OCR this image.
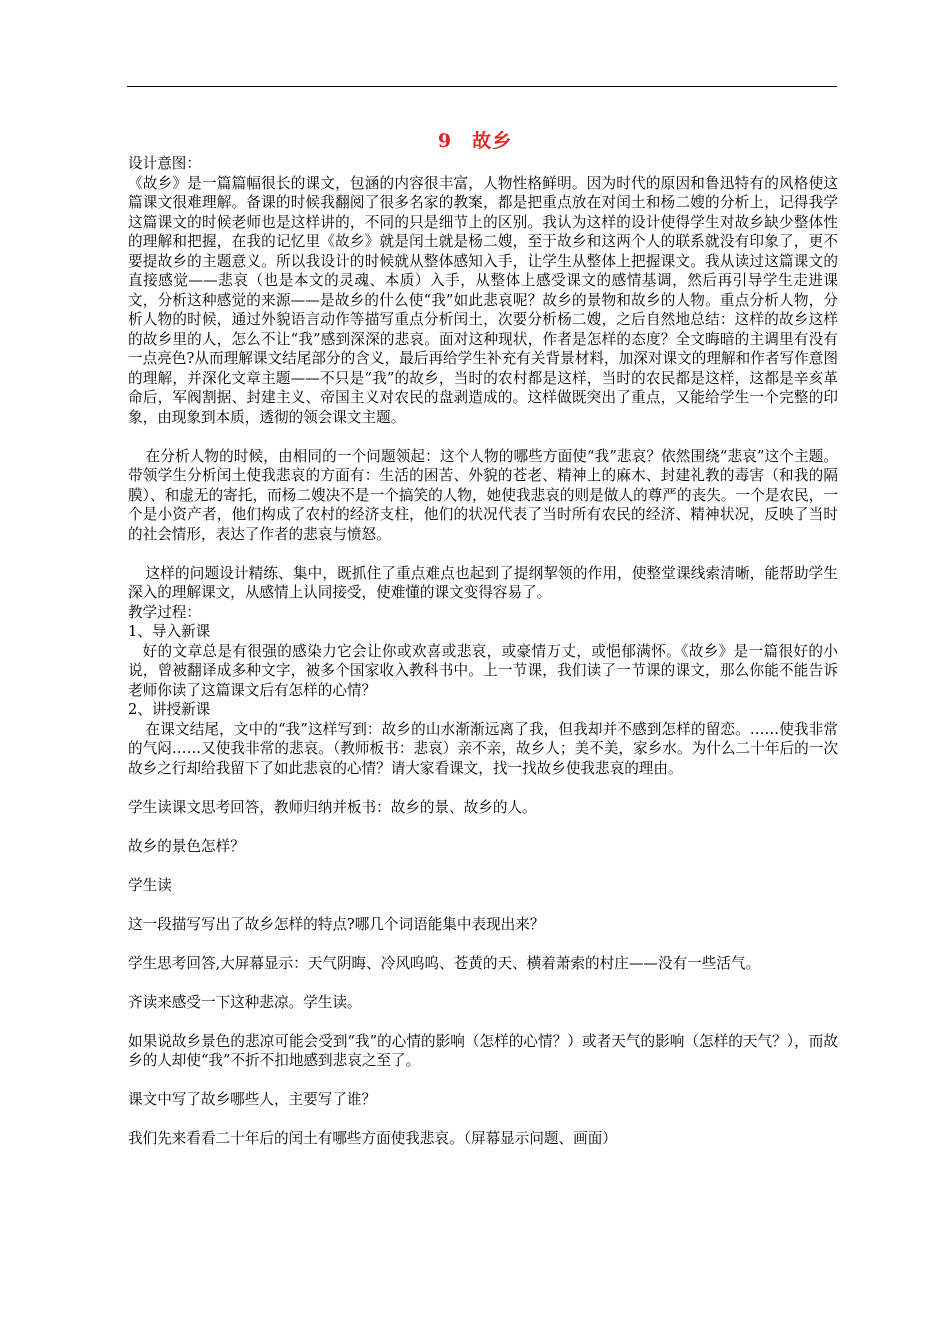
9　故乡

设计意图：

《故乡》是一篇篇幅很长的课文，包涵的内容很丰富，人物性格鲜明。因为时代的原因和鲁迅特有的风格使这篇课文很难理解。备课的时候我翻阅了很多名家的教案，都是把重点放在对闰土和杨二嫂的分析上，记得我学这篇课文的时候老师也是这样讲的，不同的只是细节上的区别。我认为这样的设计使得学生对故乡缺少整体性的理解和把握，在我的记忆里《故乡》就是闰土就是杨二嫂，至于故乡和这两个人的联系就没有印象了，更不要提故乡的主题意义。所以我设计的时候就从整体感知入手，让学生从整体上把握课文。我从读过这篇课文的直接感觉——悲哀（也是本文的灵魂、本质）入手，从整体上感受课文的感情基调，然后再引导学生走进课文，分析这种感觉的来源——是故乡的什么使“我”如此悲哀呢？故乡的景物和故乡的人物。重点分析人物，分析人物的时候，通过外貌语言动作等描写重点分析闰土，次要分析杨二嫂，之后自然地总结：这样的故乡这样的故乡里的人，怎么不让“我”感到深深的悲哀。面对这种现状，作者是怎样的态度？全文晦暗的主调里有没有一点亮色?从而理解课文结尾部分的含义，最后再给学生补充有关背景材料，加深对课文的理解和作者写作意图的理解，并深化文章主题——不只是“我”的故乡，当时的农村都是这样，当时的农民都是这样，这都是辛亥革命后，军阀割据、封建主义、帝国主义对农民的盘剥造成的。这样做既突出了重点，又能给学生一个完整的印象，由现象到本质，透彻的领会课文主题。

在分析人物的时候，由相同的一个问题领起：这个人物的哪些方面使“我”悲哀？依然围绕“悲哀”这个主题。带领学生分析闰土使我悲哀的方面有：生活的困苦、外貌的苍老、精神上的麻木、封建礼教的毒害（和我的隔膜）、和虚无的寄托，而杨二嫂决不是一个搞笑的人物，她使我悲哀的则是做人的尊严的丧失。一个是农民，一个是小资产者，他们构成了农村的经济支柱，他们的状况代表了当时所有农民的经济、精神状况，反映了当时的社会情形，表达了作者的悲哀与愤怒。

这样的问题设计精练、集中，既抓住了重点难点也起到了提纲挈领的作用，使整堂课线索清晰，能帮助学生深入的理解课文，从感情上认同接受，使难懂的课文变得容易了。

教学过程：

1、导入新课

好的文章总是有很强的感染力它会让你或欢喜或悲哀，或豪情万丈，或悒郁满怀。《故乡》是一篇很好的小说，曾被翻译成多种文字，被多个国家收入教科书中。上一节课，我们读了一节课的课文，那么你能不能告诉老师你读了这篇课文后有怎样的心情？

2、讲授新课

在课文结尾，文中的“我”这样写到：故乡的山水渐渐远离了我，但我却并不感到怎样的留恋。……使我非常的气闷……又使我非常的悲哀。（教师板书：悲哀）亲不亲，故乡人；美不美，家乡水。为什么二十年后的一次故乡之行却给我留下了如此悲哀的心情？请大家看课文，找一找故乡使我悲哀的理由。

学生读课文思考回答，教师归纳并板书：故乡的景、故乡的人。

故乡的景色怎样？

学生读

这一段描写写出了故乡怎样的特点?哪几个词语能集中表现出来？

学生思考回答,大屏幕显示：天气阴晦、冷风呜呜、苍黄的天、横着萧索的村庄——没有一些活气。

齐读来感受一下这种悲凉。学生读。

如果说故乡景色的悲凉可能会受到“我”的心情的影响（怎样的心情？）或者天气的影响（怎样的天气？），而故乡的人却使“我”不折不扣地感到悲哀之至了。

课文中写了故乡哪些人，主要写了谁？

我们先来看看二十年后的闰土有哪些方面使我悲哀。（屏幕显示问题、画面）
